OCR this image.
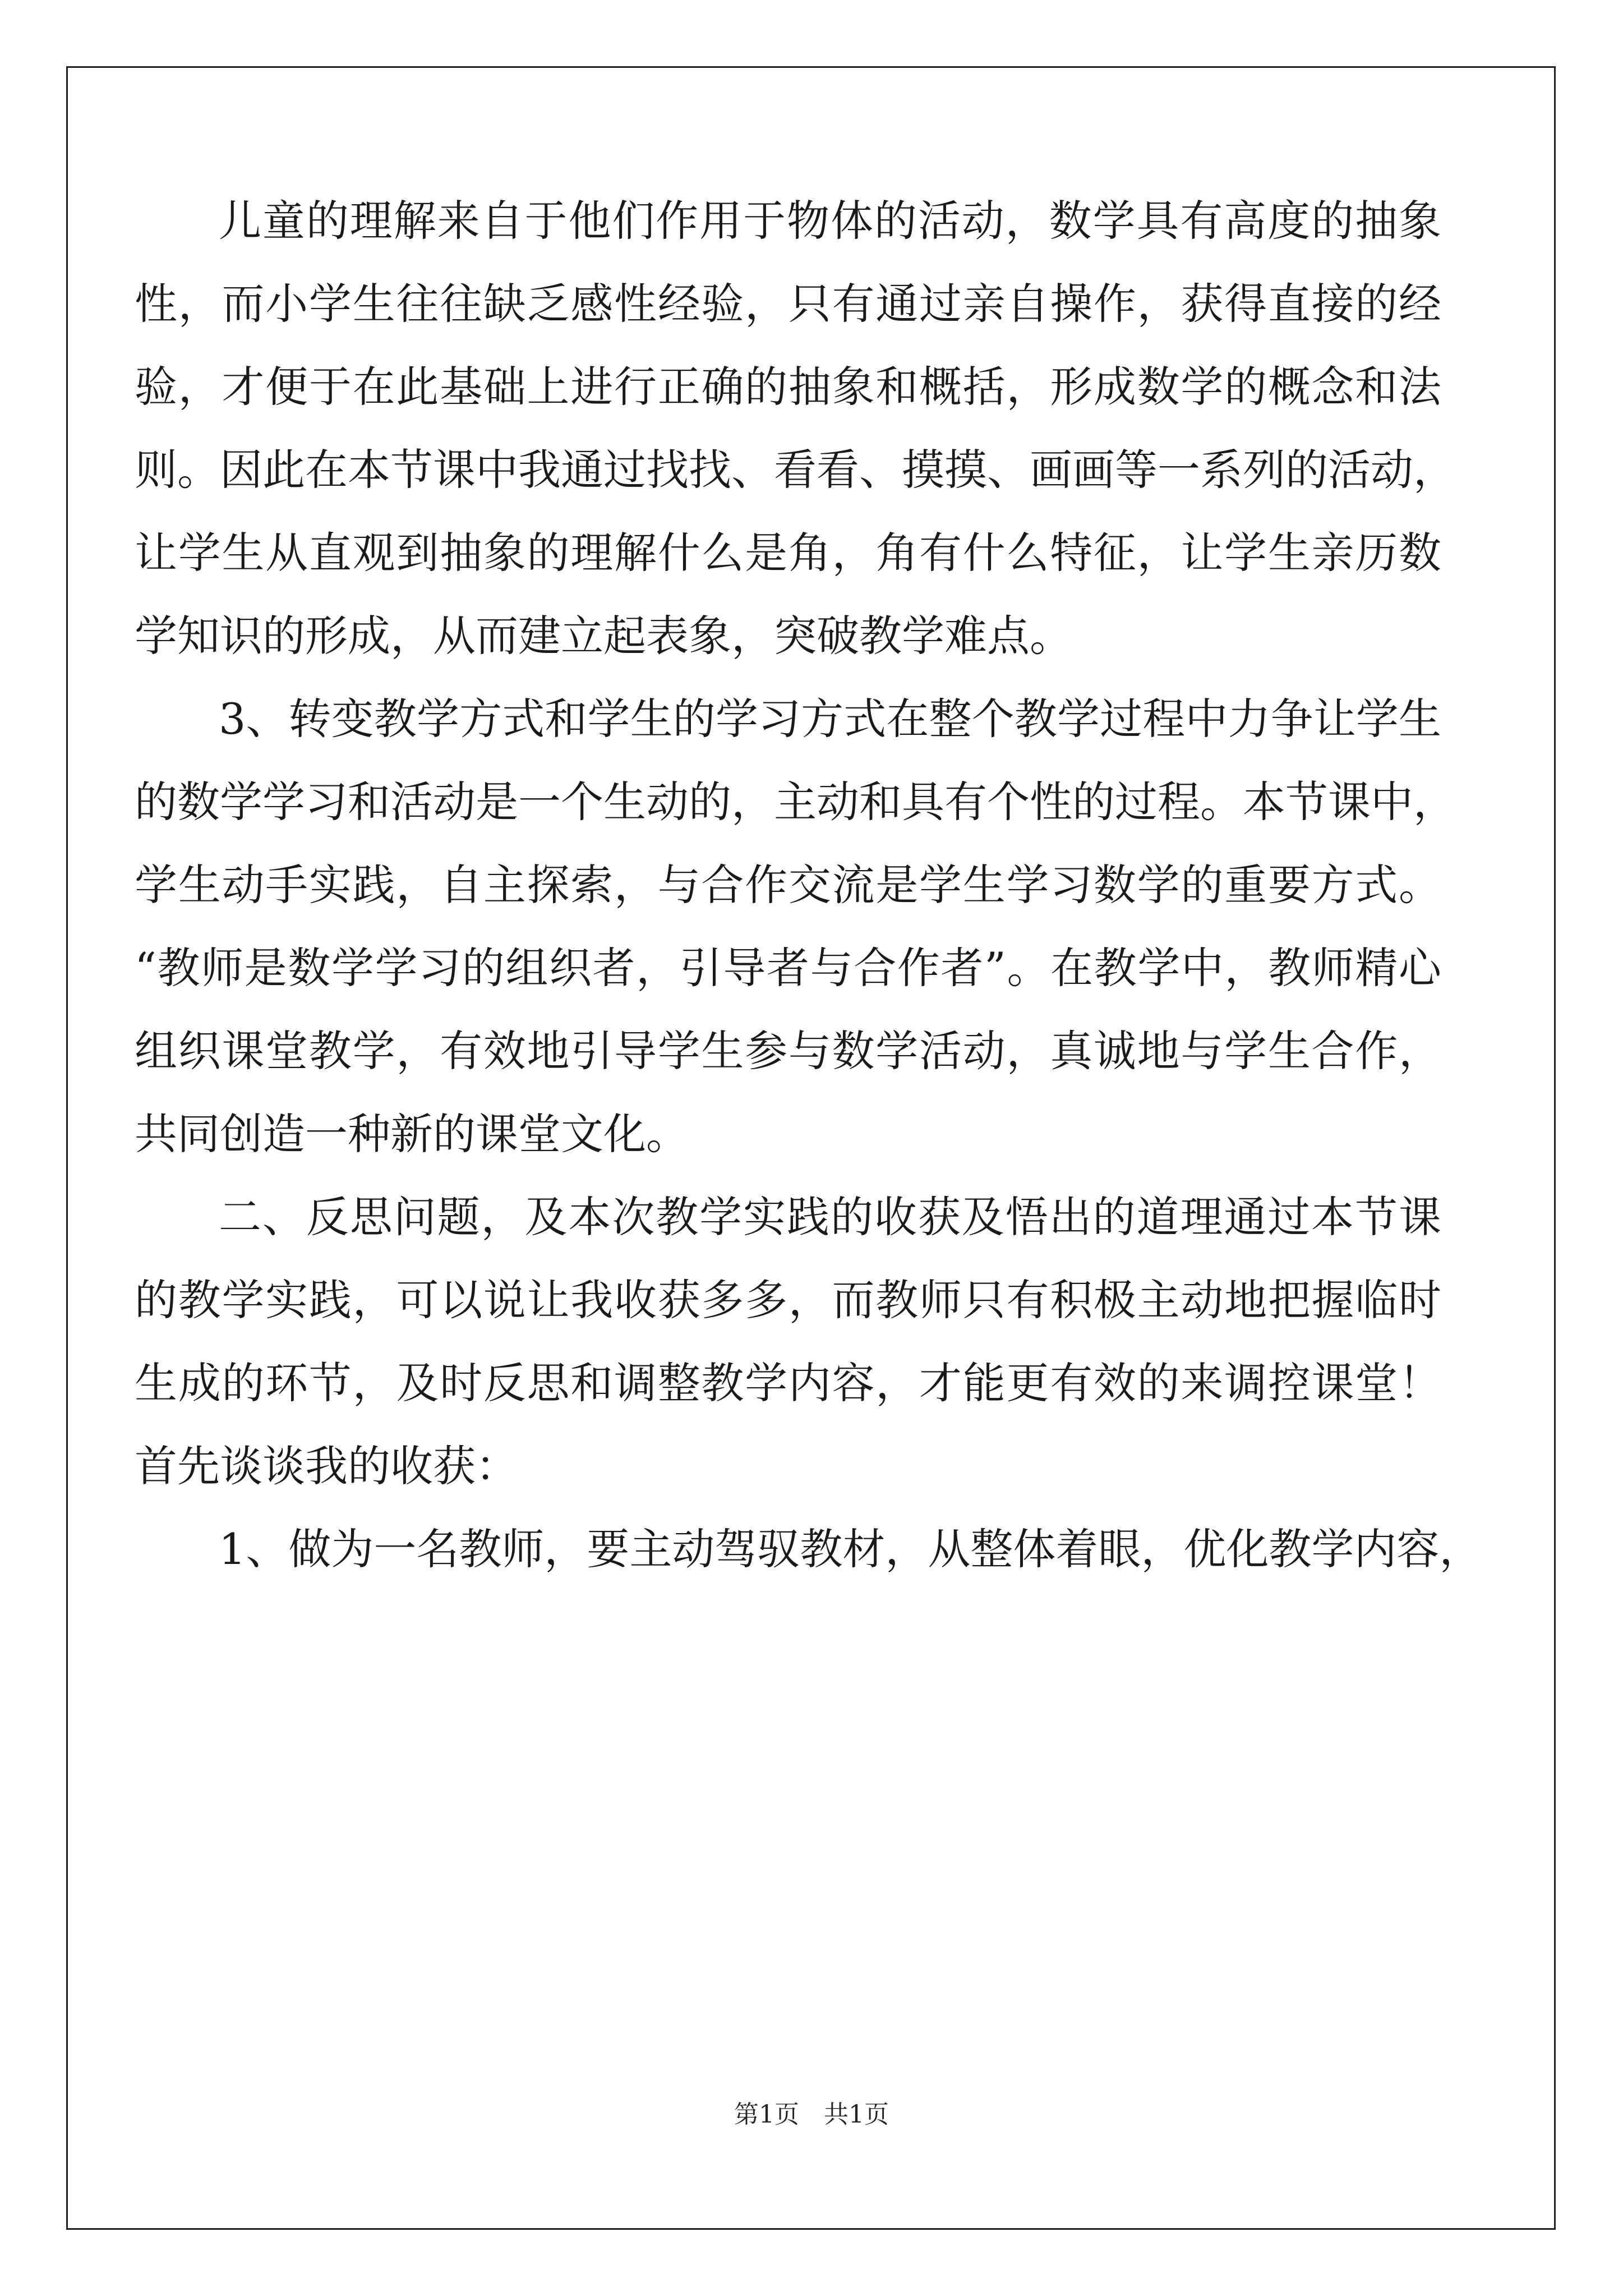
儿童的理解来自于他们作用于物体的活动，数学具有高度的抽象
性，而小学生往往缺乏感性经验，只有通过亲自操作，获得直接的经
验，才便于在此基础上进行正确的抽象和概括，形成数学的概念和法
则。因此在本节课中我通过找找、看看、摸摸、画画等一系列的活动，
让学生从直观到抽象的理解什么是角，角有什么特征，让学生亲历数
学知识的形成，从而建立起表象，突破教学难点。
3、转变教学方式和学生的学习方式在整个教学过程中力争让学生
的数学学习和活动是一个生动的，主动和具有个性的过程。本节课中，
学生动手实践，自主探索，与合作交流是学生学习数学的重要方式。
“教师是数学学习的组织者，引导者与合作者”。在教学中，教师精心
组织课堂教学，有效地引导学生参与数学活动，真诚地与学生合作，
共同创造一种新的课堂文化。
二、反思问题，及本次教学实践的收获及悟出的道理通过本节课
的教学实践，可以说让我收获多多，而教师只有积极主动地把握临时
生成的环节，及时反思和调整教学内容，才能更有效的来调控课堂！
首先谈谈我的收获：
1、做为一名教师，要主动驾驭教材，从整体着眼，优化教学内容，
第1页　共1页
